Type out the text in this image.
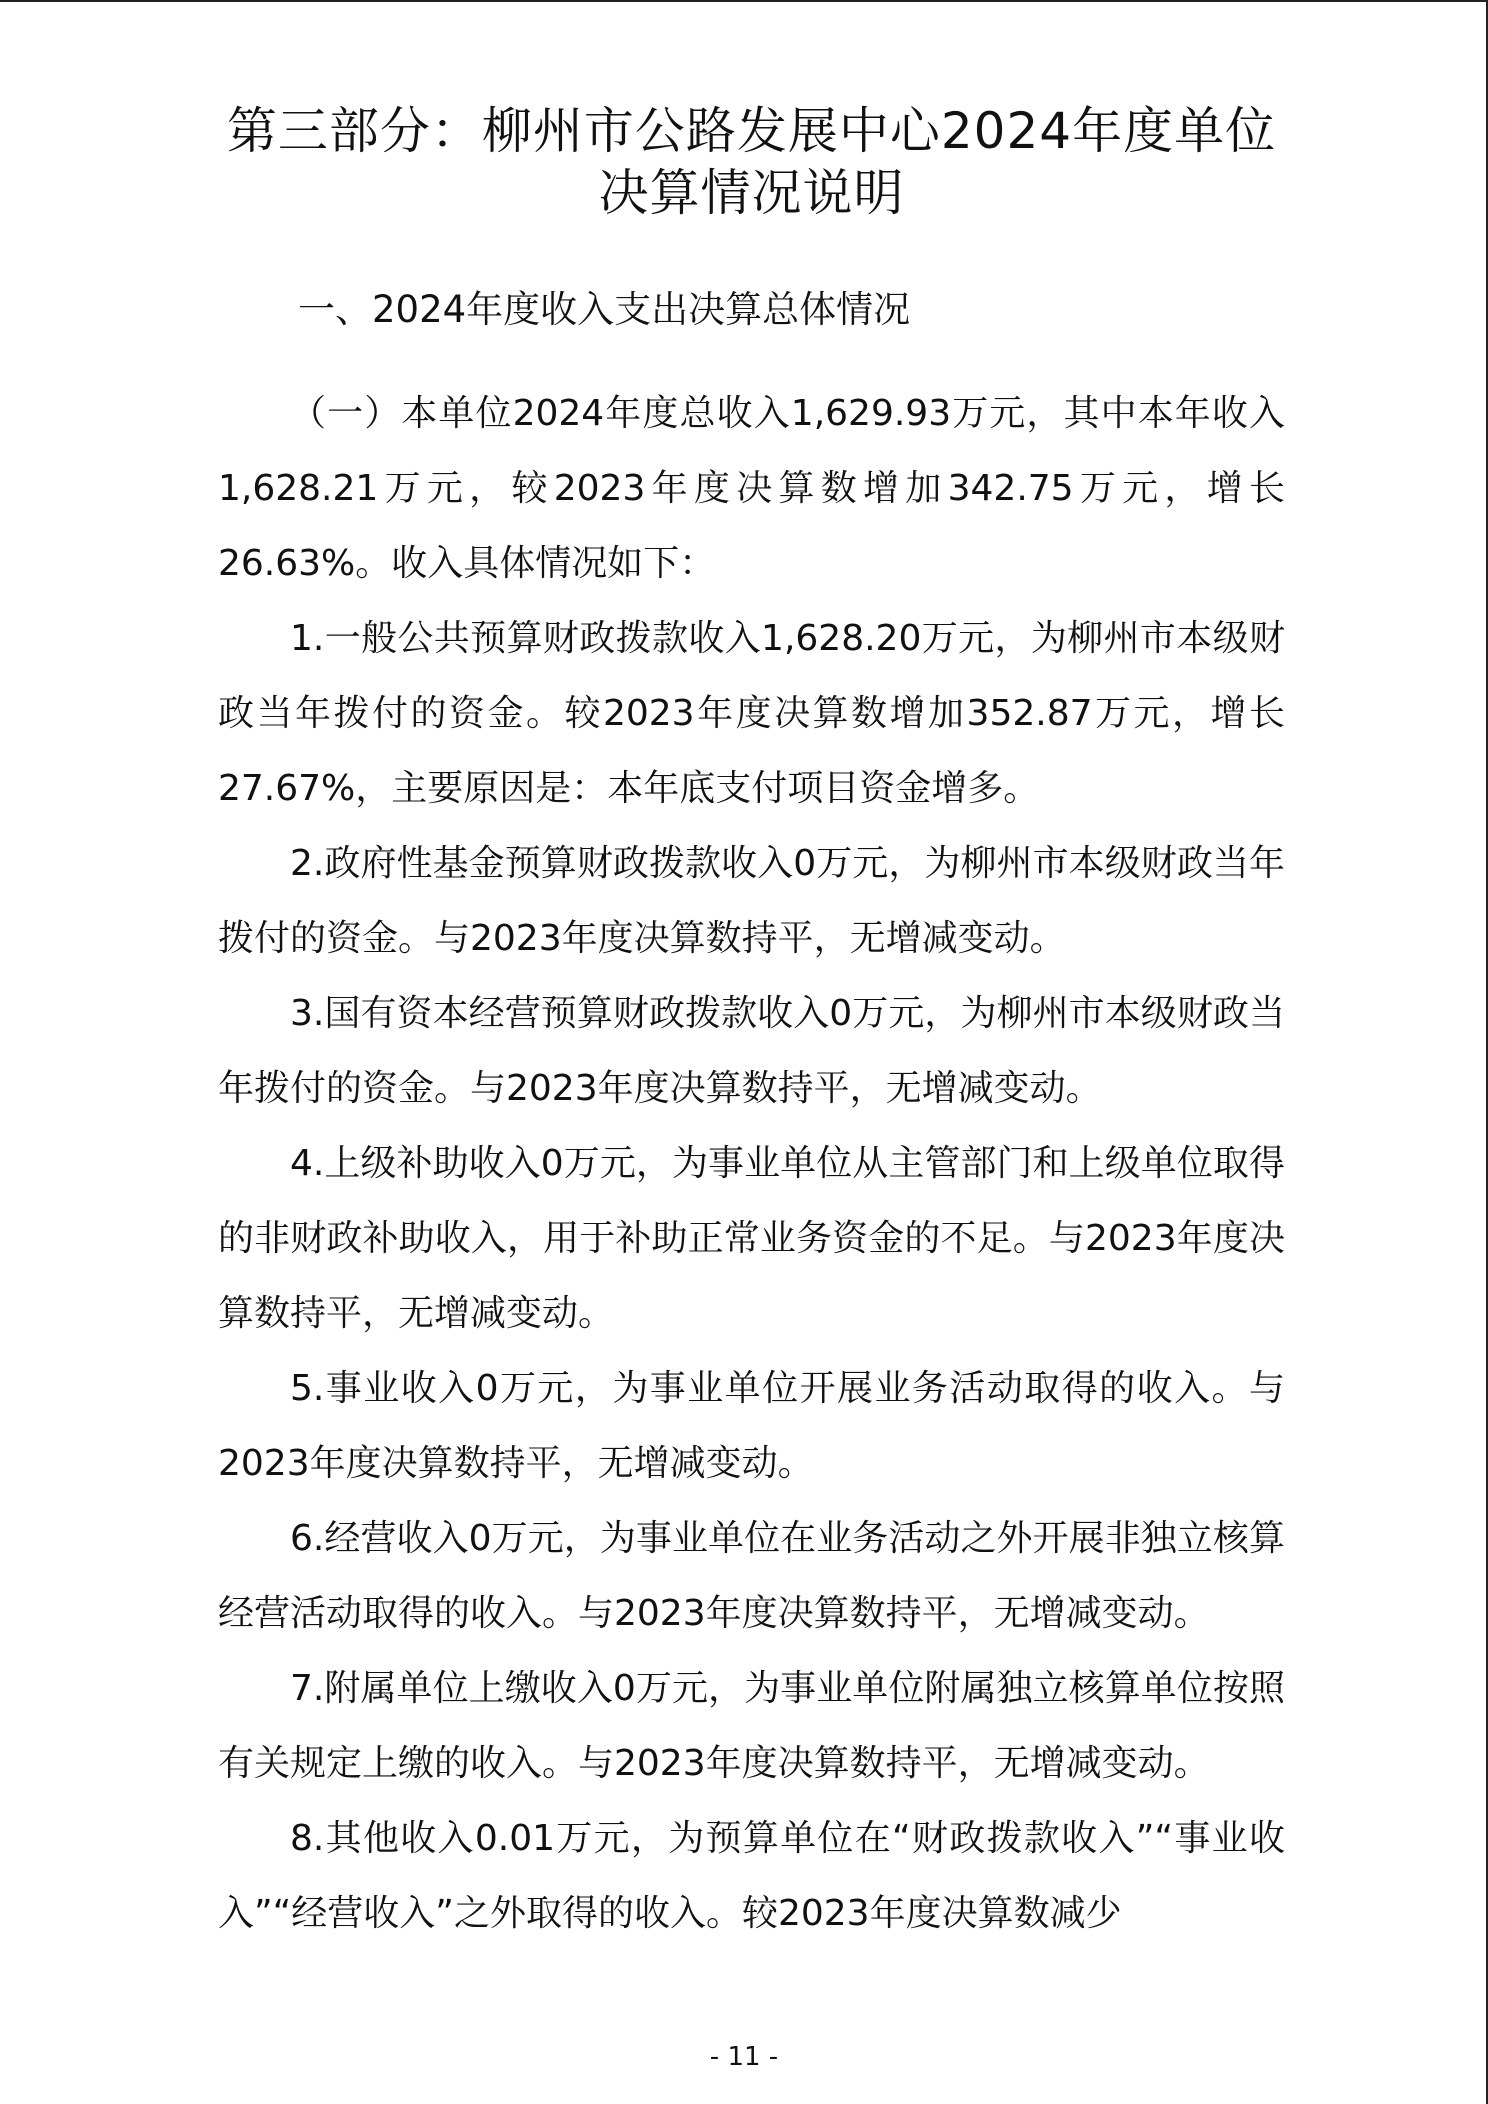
第三部分：柳州市公路发展中心2024年度单位决算情况说明
一、2024年度收入支出决算总体情况

（一）本单位2024年度总收入1,629.93万元，其中本年收入1,628.21万元，较2023年度决算数增加342.75万元，增长26.63%。收入具体情况如下：

1.一般公共预算财政拨款收入1,628.20万元，为柳州市本级财政当年拨付的资金。较2023年度决算数增加352.87万元，增长27.67%，主要原因是：本年底支付项目资金增多。

2.政府性基金预算财政拨款收入0万元，为柳州市本级财政当年拨付的资金。与2023年度决算数持平，无增减变动。

3.国有资本经营预算财政拨款收入0万元，为柳州市本级财政当年拨付的资金。与2023年度决算数持平，无增减变动。

4.上级补助收入0万元，为事业单位从主管部门和上级单位取得的非财政补助收入，用于补助正常业务资金的不足。与2023年度决算数持平，无增减变动。

5.事业收入0万元，为事业单位开展业务活动取得的收入。与2023年度决算数持平，无增减变动。

6.经营收入0万元，为事业单位在业务活动之外开展非独立核算经营活动取得的收入。与2023年度决算数持平，无增减变动。

7.附属单位上缴收入0万元，为事业单位附属独立核算单位按照有关规定上缴的收入。与2023年度决算数持平，无增减变动。

8.其他收入0.01万元，为预算单位在“财政拨款收入”“事业收入”“经营收入”之外取得的收入。较2023年度决算数减少

- 11 -
